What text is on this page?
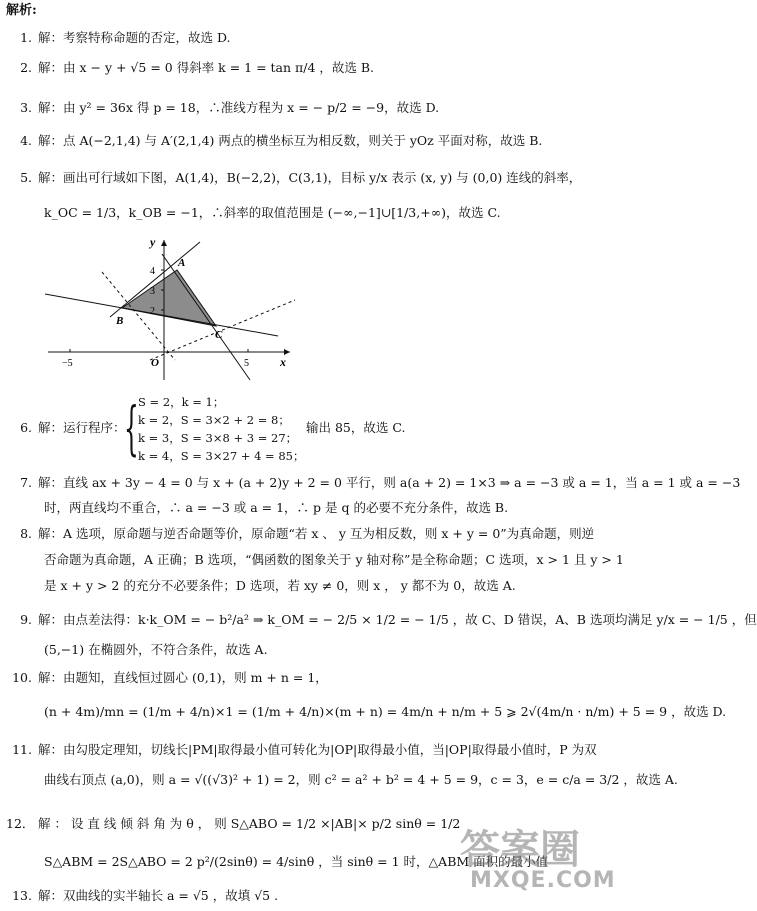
解析:
1. 解：考察特称命题的否定，故选 D.
2. 解：由 x − y + √5 = 0 得斜率 k = 1 = tan π/4 ，故选 B.
3. 解：由 y² = 36x 得 p = 18，∴准线方程为 x = − p/2 = −9，故选 D.
4. 解：点 A(−2,1,4) 与 A′(2,1,4) 两点的横坐标互为相反数，则关于 yOz 平面对称，故选 B.
5. 解：画出可行域如下图，A(1,4)，B(−2,2)，C(3,1)，目标 y/x 表示 (x, y) 与 (0,0) 连线的斜率，
k_OC = 1/3，k_OB = −1，∴斜率的取值范围是 (−∞,−1]∪[1/3,+∞)，故选 C.
y
x
O
A
B
C
4
3
2
5
−5
6. 解：运行程序：
{ S = 2，k = 1；
k = 2，S = 3×2 + 2 = 8；
k = 3，S = 3×8 + 3 = 27；
k = 4，S = 3×27 + 4 = 85；
输出 85，故选 C.
7. 解：直线 ax + 3y − 4 = 0 与 x + (a + 2)y + 2 = 0 平行，则 a(a + 2) = 1×3 ⇒ a = −3 或 a = 1，当 a = 1 或 a = −3
时，两直线均不重合，∴ a = −3 或 a = 1，∴ p 是 q 的必要不充分条件，故选 B.
8. 解：A 选项，原命题与逆否命题等价，原命题“若 x 、 y 互为相反数，则 x + y = 0”为真命题，则逆
否命题为真命题，A 正确；B 选项，“偶函数的图象关于 y 轴对称”是全称命题；C 选项，x > 1 且 y > 1
是 x + y > 2 的充分不必要条件；D 选项，若 xy ≠ 0，则 x ， y 都不为 0，故选 A.
9. 解：由点差法得：k·k_OM = − b²/a² ⇒ k_OM = − 2/5 × 1/2 = − 1/5 ，故 C、D 错误，A、B 选项均满足 y/x = − 1/5 ，但
(5,−1) 在椭圆外，不符合条件，故选 A.
10. 解：由题知，直线恒过圆心 (0,1)，则 m + n = 1，
(n + 4m)/mn = (1/m + 4/n)×1 = (1/m + 4/n)×(m + n) = 4m/n + n/m + 5 ⩾ 2√(4m/n · n/m) + 5 = 9 ，故选 D.
11. 解：由勾股定理知，切线长|PM|取得最小值可转化为|OP|取得最小值，当|OP|取得最小值时，P 为双
曲线右顶点 (a,0)，则 a = √((√3)² + 1) = 2，则 c² = a² + b² = 4 + 5 = 9，c = 3，e = c/a = 3/2 ，故选 A.
12． 解 ： 设 直 线 倾 斜 角 为 θ ， 则 S△ABO = 1/2 ×|AB|× p/2 sinθ = 1/2
S△ABM = 2S△ABO = 2 p²/(2sinθ) = 4/sinθ ，当 sinθ = 1 时，△ABM 面积的最小值
13. 解：双曲线的实半轴长 a = √5 ，故填 √5 .
答案圈
MXQE.COM
